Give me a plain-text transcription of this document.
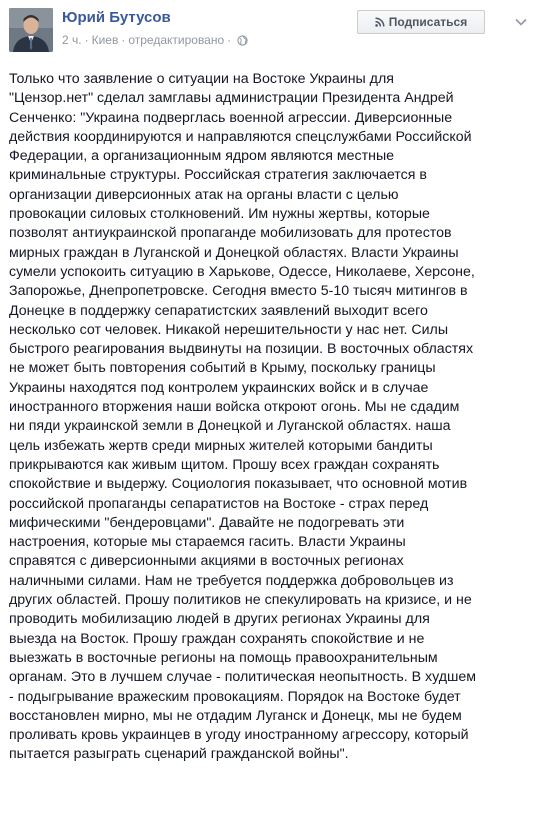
Юрий Бутусов
2 ч. · Киев · отредактировано ·
Подписаться
Только что заявление о ситуации на Востоке Украины для
"Цензор.нет" сделал замглавы администрации Президента Андрей
Сенченко: "Украина подверглась военной агрессии. Диверсионные
действия координируются и направляются спецслужбами Российской
Федерации, а организационным ядром являются местные
криминальные структуры. Российская стратегия заключается в
организации диверсионных атак на органы власти с целью
провокации силовых столкновений. Им нужны жертвы, которые
позволят антиукраинской пропаганде мобилизовать для протестов
мирных граждан в Луганской и Донецкой областях. Власти Украины
сумели успокоить ситуацию в Харькове, Одессе, Николаеве, Херсоне,
Запорожье, Днепропетровске. Сегодня вместо 5-10 тысяч митингов в
Донецке в поддержку сепаратистских заявлений выходит всего
несколько сот человек. Никакой нерешительности у нас нет. Силы
быстрого реагирования выдвинуты на позиции. В восточных областях
не может быть повторения событий в Крыму, поскольку границы
Украины находятся под контролем украинских войск и в случае
иностранного вторжения наши войска откроют огонь. Мы не сдадим
ни пяди украинской земли в Донецкой и Луганской областях. наша
цель избежать жертв среди мирных жителей которыми бандиты
прикрываются как живым щитом. Прошу всех граждан сохранять
спокойствие и выдержу. Социология показывает, что основной мотив
российской пропаганды сепаратистов на Востоке - страх перед
мифическими "бендеровцами". Давайте не подогревать эти
настроения, которые мы стараемся гасить. Власти Украины
справятся с диверсионными акциями в восточных регионах
наличными силами. Нам не требуется поддержка добровольцев из
других областей. Прошу политиков не спекулировать на кризисе, и не
проводить мобилизацию людей в других регионах Украины для
выезда на Восток. Прошу граждан сохранять спокойствие и не
выезжать в восточные регионы на помощь правоохранительным
органам. Это в лучшем случае - политическая неопытность. В худшем
- подыгрывание вражеским провокациям. Порядок на Востоке будет
восстановлен мирно, мы не отдадим Луганск и Донецк, мы не будем
проливать кровь украинцев в угоду иностранному агрессору, который
пытается разыграть сценарий гражданской войны".
